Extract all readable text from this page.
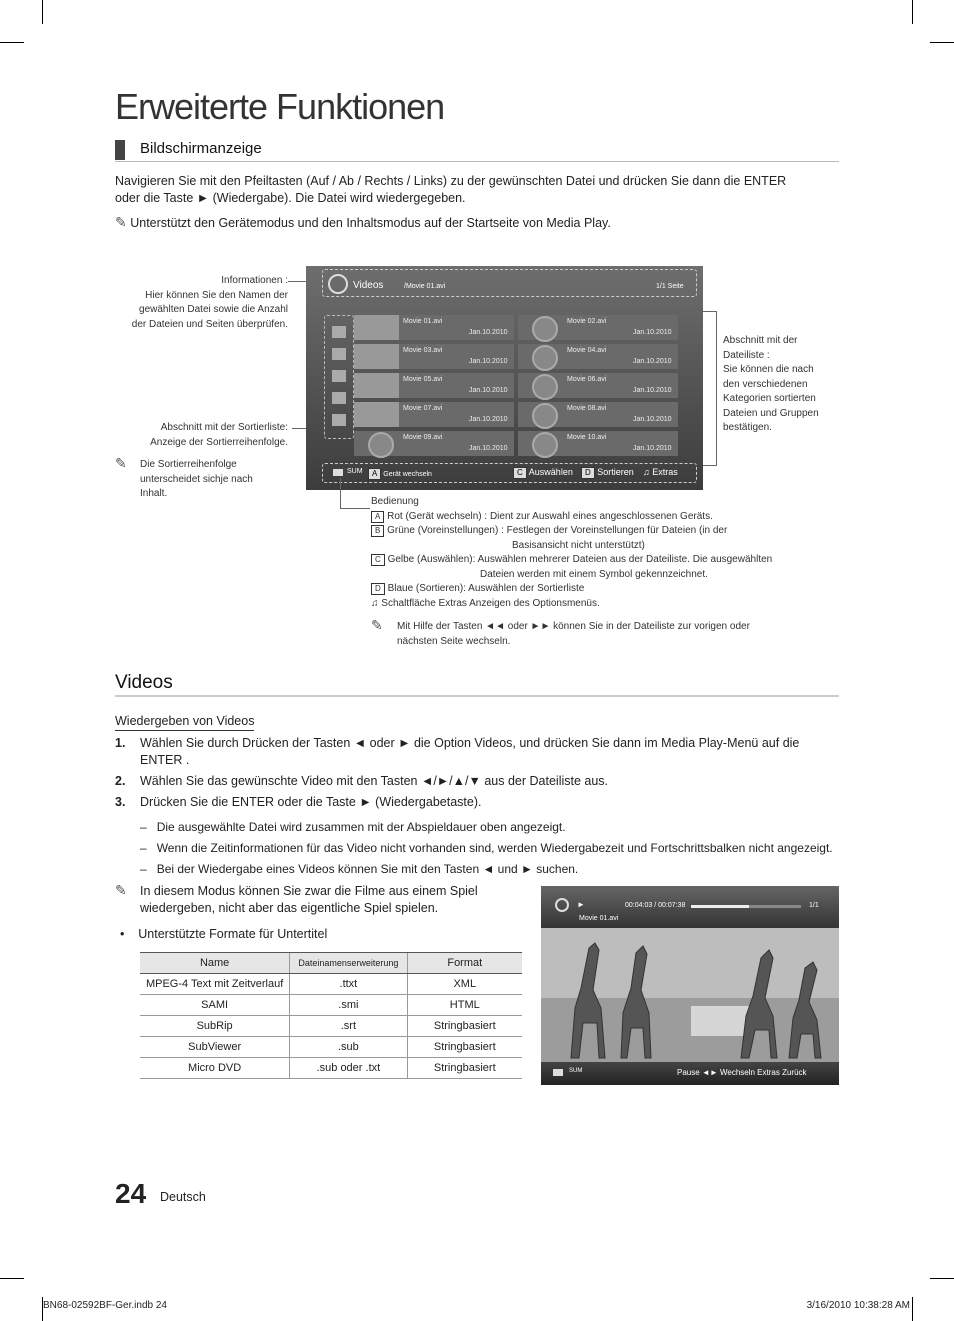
Erweiterte Funktionen
Bildschirmanzeige
Navigieren Sie mit den Pfeiltasten (Auf / Ab / Rechts / Links) zu der gewünschten Datei und drücken Sie dann die ENTER
oder die Taste ► (Wiedergabe). Die Datei wird wiedergegeben.
✎ Unterstützt den Gerätemodus und den Inhaltsmodus auf der Startseite von Media Play.
Informationen :
Hier können Sie den Namen der
gewählten Datei sowie die Anzahl
der Dateien und Seiten überprüfen.
Abschnitt mit der Sortierliste:
Anzeige der Sortierreihenfolge.
✎ Die Sortierreihenfolge
unterscheidet sichje nach
Inhalt.
Abschnitt mit der
Dateiliste :
Sie können die nach
den verschiedenen
Kategorien sortierten
Dateien und Gruppen
bestätigen.
Videos	/Movie 01.avi	1/1 Seite
Movie 01.avi
Jan.10.2010
Movie 02.avi
Jan.10.2010
Movie 03.avi
Jan.10.2010
Movie 04.avi
Jan.10.2010
Movie 05.avi
Jan.10.2010
Movie 06.avi
Jan.10.2010
Movie 07.avi
Jan.10.2010
Movie 08.avi
Jan.10.2010
Movie 09.avi
Jan.10.2010
Movie 10.avi
Jan.10.2010
SUM	A Gerät wechseln	C Auswählen	D Sortieren ♫ Extras
Bedienung
A Rot (Gerät wechseln) : Dient zur Auswahl eines angeschlossenen Geräts.
B Grüne (Voreinstellungen) : Festlegen der Voreinstellungen für Dateien (in der
Basisansicht nicht unterstützt)
C Gelbe (Auswählen): Auswählen mehrerer Dateien aus der Dateiliste. Die ausgewählten
Dateien werden mit einem Symbol gekennzeichnet.
D Blaue (Sortieren): Auswählen der Sortierliste
♫ Schaltfläche Extras Anzeigen des Optionsmenüs.
✎ Mit Hilfe der Tasten ◄◄ oder ►► können Sie in der Dateiliste zur vorigen oder
nächsten Seite wechseln.
Videos
Wiedergeben von Videos
1. Wählen Sie durch Drücken der Tasten ◄ oder ► die Option Videos, und drücken Sie dann im Media Play-Menü auf die
ENTER .
2. Wählen Sie das gewünschte Video mit den Tasten ◄/►/▲/▼ aus der Dateiliste aus.
3. Drücken Sie die ENTER oder die Taste ► (Wiedergabetaste).
–   Die ausgewählte Datei wird zusammen mit der Abspieldauer oben angezeigt.
–   Wenn die Zeitinformationen für das Video nicht vorhanden sind, werden Wiedergabezeit und Fortschrittsbalken nicht angezeigt.
–   Bei der Wiedergabe eines Videos können Sie mit den Tasten ◄ und ► suchen.
✎ In diesem Modus können Sie zwar die Filme aus einem Spiel
wiedergeben, nicht aber das eigentliche Spiel spielen.
•    Unterstützte Formate für Untertitel
Name	Dateinamenserweiterung	Format
MPEG-4 Text mit Zeitverlauf	.ttxt	XML
SAMI	.smi	HTML
SubRip	.srt	Stringbasiert
SubViewer	.sub	Stringbasiert
Micro DVD	.sub oder .txt	Stringbasiert
►	00:04:03 / 00:07:38	1/1
Movie 01.avi
SUM	Pause ◄► Wechseln Extras Zurück
24 Deutsch
BN68-02592BF-Ger.indb 24	3/16/2010 10:38:28 AM
